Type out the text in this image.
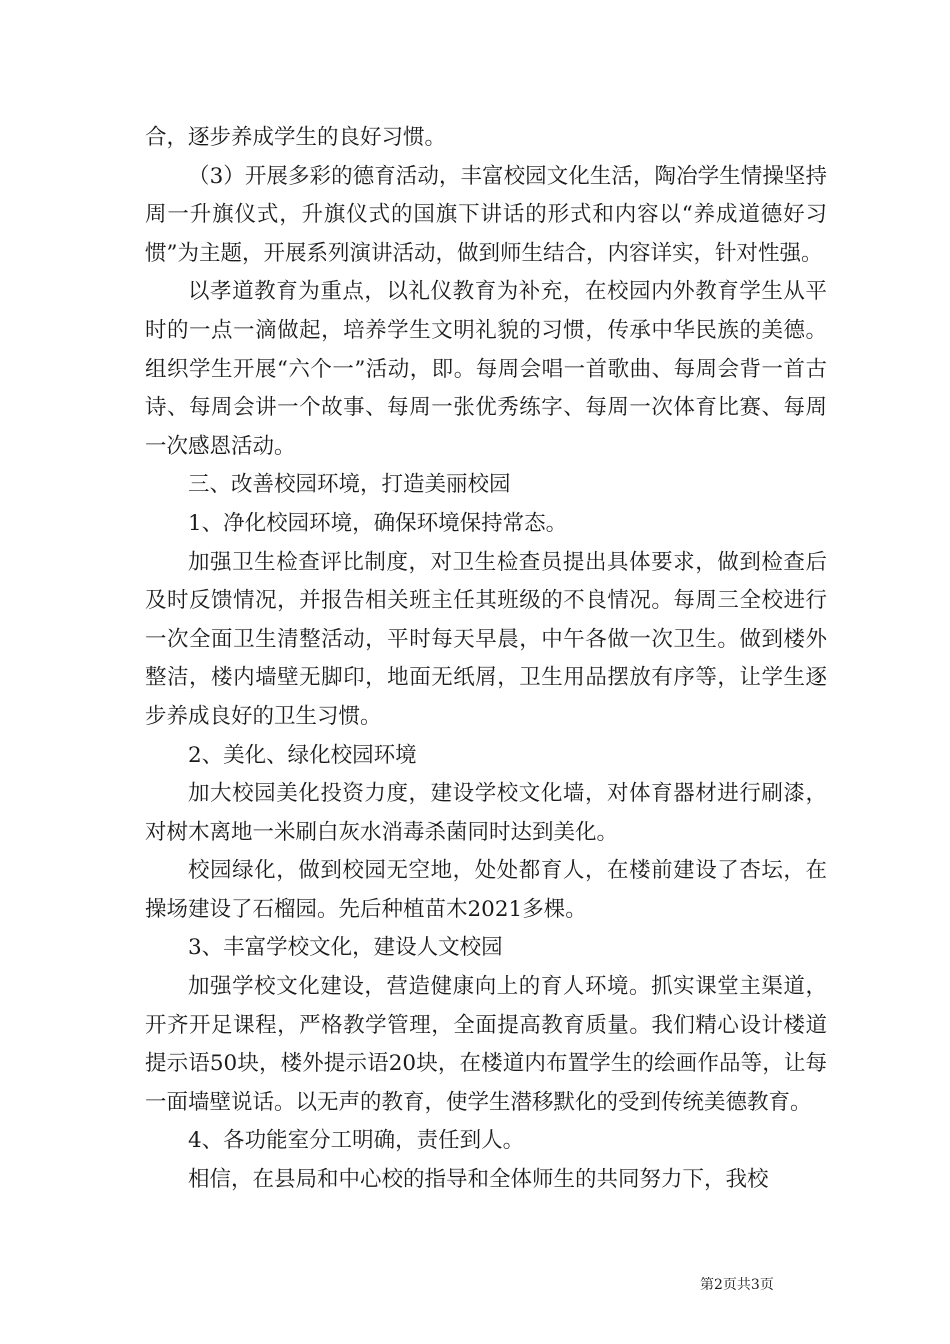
合，逐步养成学生的良好习惯。

（3）开展多彩的德育活动，丰富校园文化生活，陶冶学生情操坚持周一升旗仪式，升旗仪式的国旗下讲话的形式和内容以“养成道德好习惯”为主题，开展系列演讲活动，做到师生结合，内容详实，针对性强。

以孝道教育为重点，以礼仪教育为补充，在校园内外教育学生从平时的一点一滴做起，培养学生文明礼貌的习惯，传承中华民族的美德。组织学生开展“六个一”活动，即。每周会唱一首歌曲、每周会背一首古诗、每周会讲一个故事、每周一张优秀练字、每周一次体育比赛、每周一次感恩活动。

三、改善校园环境，打造美丽校园

1、净化校园环境，确保环境保持常态。

加强卫生检查评比制度，对卫生检查员提出具体要求，做到检查后及时反馈情况，并报告相关班主任其班级的不良情况。每周三全校进行一次全面卫生清整活动，平时每天早晨，中午各做一次卫生。做到楼外整洁，楼内墙壁无脚印，地面无纸屑，卫生用品摆放有序等，让学生逐步养成良好的卫生习惯。

2、美化、绿化校园环境

加大校园美化投资力度，建设学校文化墙，对体育器材进行刷漆，对树木离地一米刷白灰水消毒杀菌同时达到美化。

校园绿化，做到校园无空地，处处都育人，在楼前建设了杏坛，在操场建设了石榴园。先后种植苗木2021多棵。

3、丰富学校文化，建设人文校园

加强学校文化建设，营造健康向上的育人环境。抓实课堂主渠道，开齐开足课程，严格教学管理，全面提高教育质量。我们精心设计楼道提示语50块，楼外提示语20块，在楼道内布置学生的绘画作品等，让每一面墙壁说话。以无声的教育，使学生潜移默化的受到传统美德教育。

4、各功能室分工明确，责任到人。

相信，在县局和中心校的指导和全体师生的共同努力下，我校

第2页共3页
